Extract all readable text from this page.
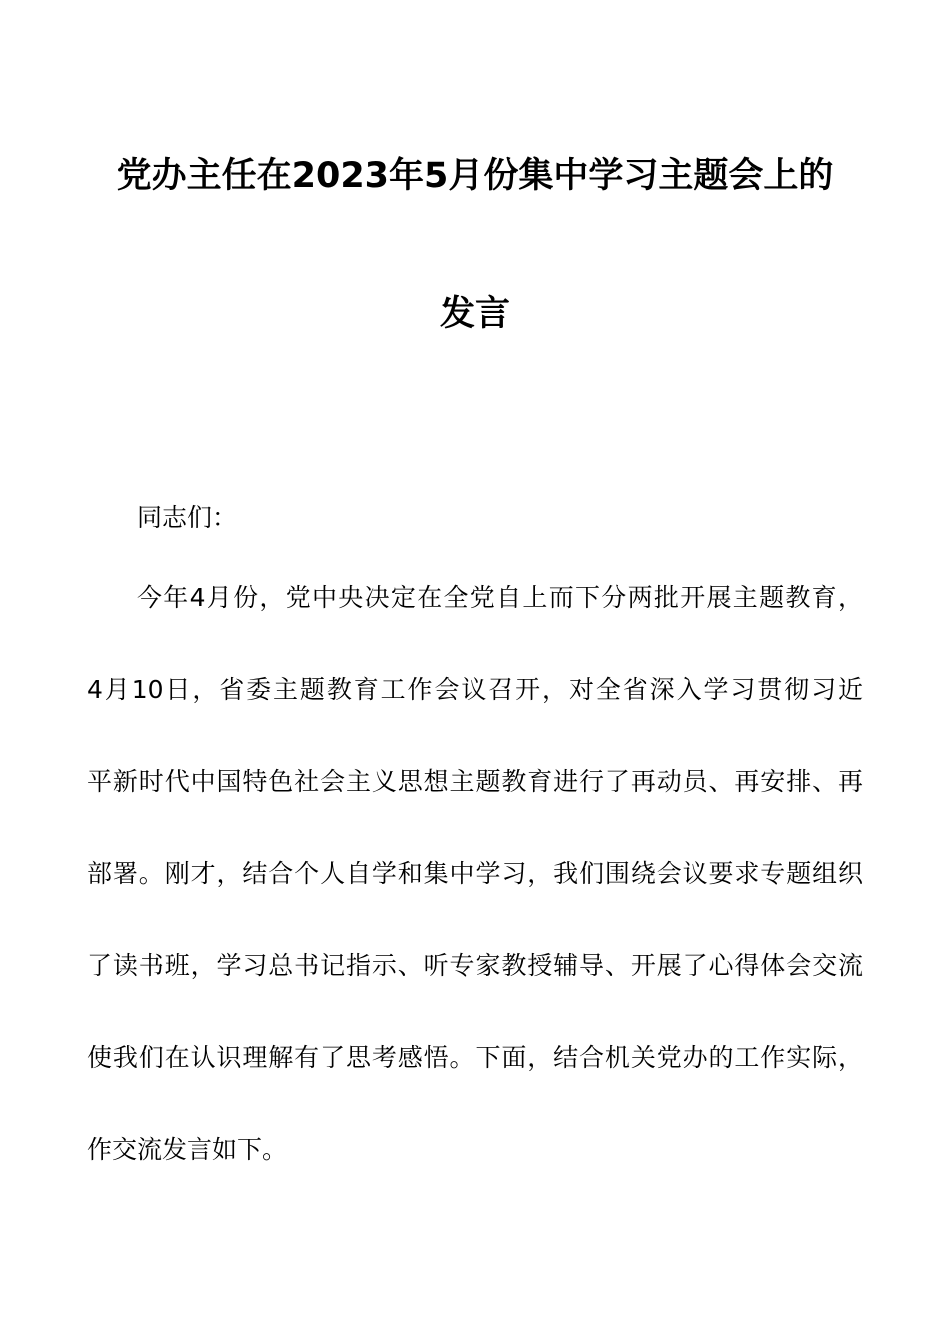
党办主任在2023年5月份集中学习主题会上的
发言
同志们：
今年4月份，党中央决定在全党自上而下分两批开展主题教育，
4月10日，省委主题教育工作会议召开，对全省深入学习贯彻习近
平新时代中国特色社会主义思想主题教育进行了再动员、再安排、再
部署。刚才，结合个人自学和集中学习，我们围绕会议要求专题组织
了读书班，学习总书记指示、听专家教授辅导、开展了心得体会交流
使我们在认识理解有了思考感悟。下面，结合机关党办的工作实际，
作交流发言如下。
